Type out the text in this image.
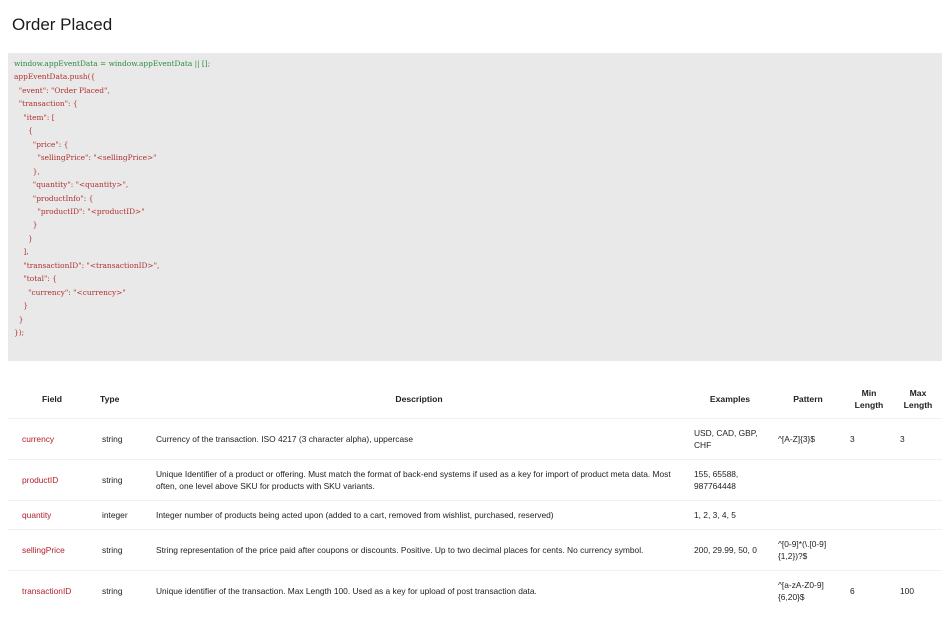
Order Placed
window.appEventData = window.appEventData || [];
appEventData.push({
"event": "Order Placed",
"transaction": {
"item": [
{
"price": {
"sellingPrice": "<sellingPrice>"
},
"quantity": "<quantity>",
"productInfo": {
"productID": "<productID>"
}
}
],
"transactionID": "<transactionID>",
"total": {
"currency": "<currency>"
}
}
});
Field	Type	Description	Examples	Pattern	Min Length	Max Length
currency	string	Currency of the transaction. ISO 4217 (3 character alpha), uppercase	USD, CAD, GBP, CHF	^[A-Z]{3}$	3	3
productID	string	Unique Identifier of a product or offering. Must match the format of back-end systems if used as a key for import of product meta data. Most often, one level above SKU for products with SKU variants.	155, 65588, 987764448			
quantity	integer	Integer number of products being acted upon (added to a cart, removed from wishlist, purchased, reserved)	1, 2, 3, 4, 5			
sellingPrice	string	String representation of the price paid after coupons or discounts. Positive. Up to two decimal places for cents. No currency symbol.	200, 29.99, 50, 0	^[0-9]*(\.[0-9]{1,2})?$		
transactionID	string	Unique identifier of the transaction. Max Length 100. Used as a key for upload of post transaction data.		^[a-zA-Z0-9]{6,20}$	6	100
